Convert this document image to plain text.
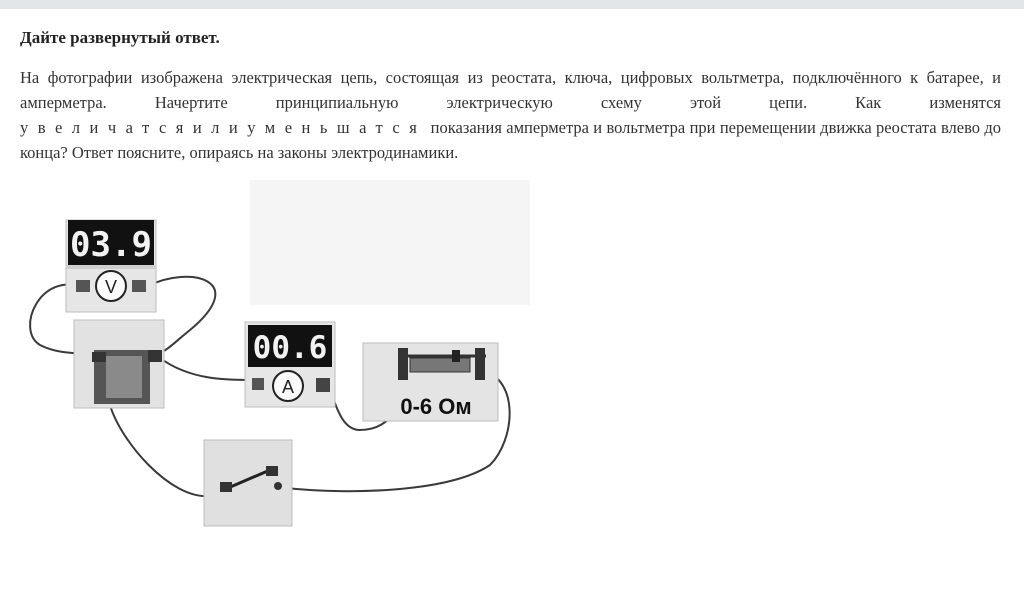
Дайте развернутый ответ.
На фотографии изображена электрическая цепь, состоящая из реостата, ключа, цифровых вольтметра, подключённого к батарее, и амперметра. Начертите принципиальную электрическую схему этой цепи. Как изменятся увеличатсяилиуменьшатся показания амперметра и вольтметра при перемещении движка реостата влево до конца? Ответ поясните, опираясь на законы электродинамики.
03.9
V
00.6
A
0-6 Ом
